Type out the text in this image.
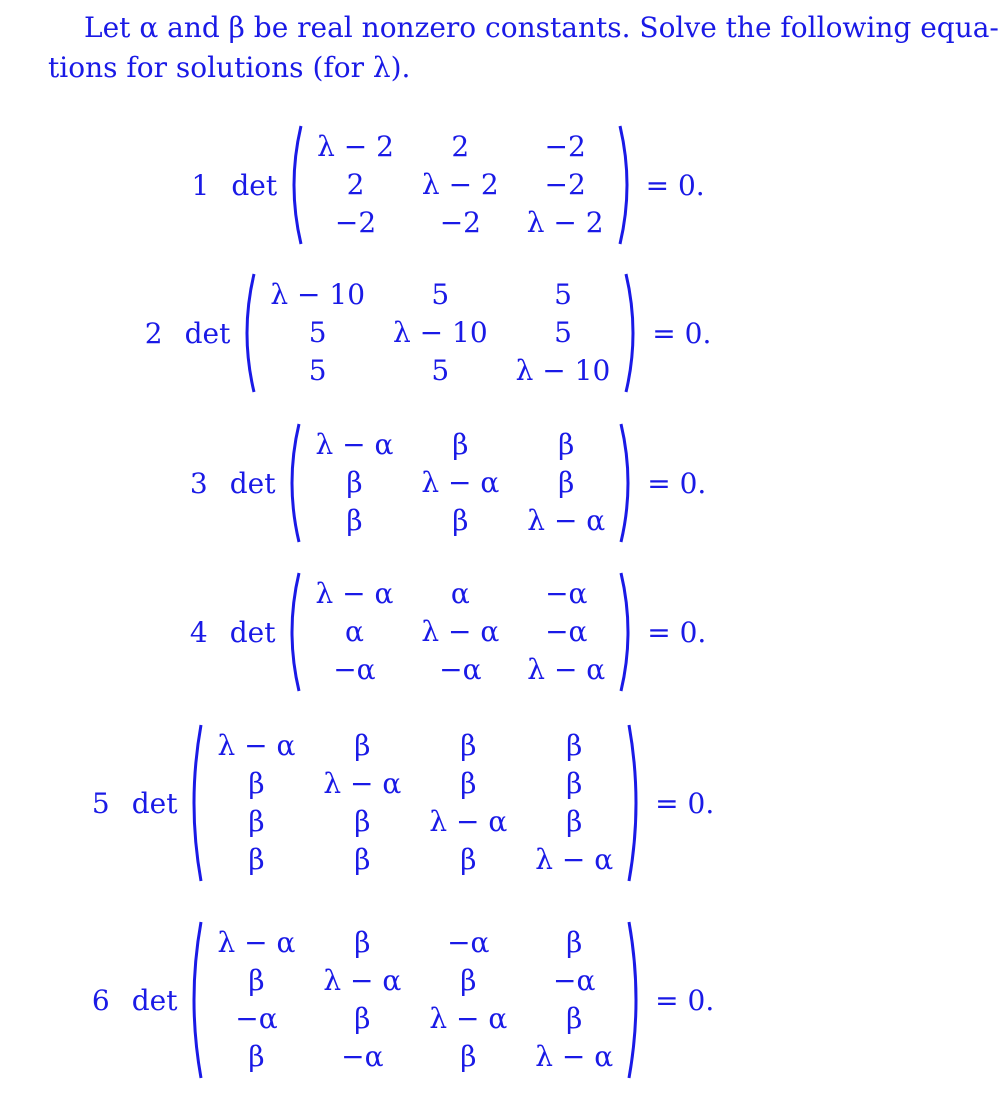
Let α and β be real nonzero constants. Solve the following equa-
tions for solutions (for λ).
1 det
λ − 2	2	−2
2	λ − 2	−2
−2	−2	λ − 2
= 0.
2 det
λ − 10	5	5
5	λ − 10	5
5	5	λ − 10
= 0.
3 det
λ − α	β	β
β	λ − α	β
β	β	λ − α
= 0.
4 det
λ − α	α	−α
α	λ − α	−α
−α	−α	λ − α
= 0.
5 det
λ − α	β	β	β
β	λ − α	β	β
β	β	λ − α	β
β	β	β	λ − α
= 0.
6 det
λ − α	β	−α	β
β	λ − α	β	−α
−α	β	λ − α	β
β	−α	β	λ − α
= 0.
